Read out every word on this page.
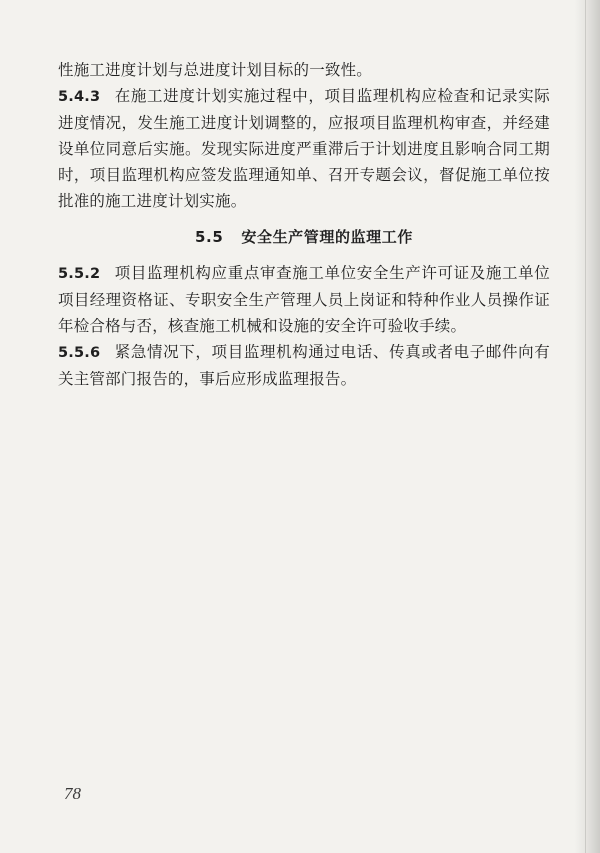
性施工进度计划与总进度计划目标的一致性。

5.4.3 在施工进度计划实施过程中，项目监理机构应检查和记录实际进度情况，发生施工进度计划调整的，应报项目监理机构审查，并经建设单位同意后实施。发现实际进度严重滞后于计划进度且影响合同工期时，项目监理机构应签发监理通知单、召开专题会议，督促施工单位按批准的施工进度计划实施。

5.5 安全生产管理的监理工作

5.5.2 项目监理机构应重点审查施工单位安全生产许可证及施工单位项目经理资格证、专职安全生产管理人员上岗证和特种作业人员操作证年检合格与否，核查施工机械和设施的安全许可验收手续。

5.5.6 紧急情况下，项目监理机构通过电话、传真或者电子邮件向有关主管部门报告的，事后应形成监理报告。

78
